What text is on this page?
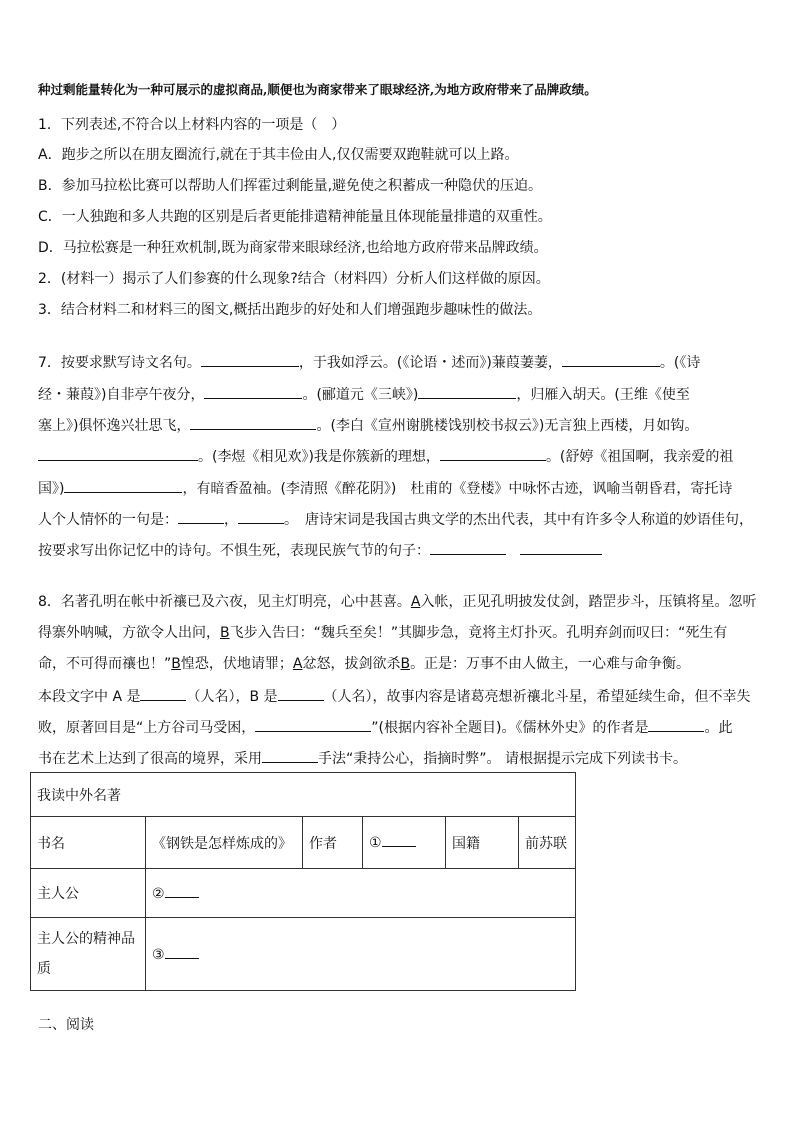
种过剩能量转化为一种可展示的虚拟商品,顺便也为商家带来了眼球经济,为地方政府带来了品牌政绩。
1．下列表述,不符合以上材料内容的一项是（　）
A．跑步之所以在朋友圈流行,就在于其丰俭由人,仅仅需要双跑鞋就可以上路。
B．参加马拉松比赛可以帮助人们挥霍过剩能量,避免使之积蓄成一种隐伏的压迫。
C．一人独跑和多人共跑的区别是后者更能排遣精神能量且体现能量排遣的双重性。
D．马拉松赛是一种狂欢机制,既为商家带来眼球经济,也给地方政府带来品牌政绩。
2．(材料一）揭示了人们参赛的什么现象?结合（材料四）分析人们这样做的原因。
3．结合材料二和材料三的图文,概括出跑步的好处和人们增强跑步趣味性的做法。
7．按要求默写诗文名句。	，于我如浮云。(《论语・述而》)蒹葭萋萋，	。(《诗
经・蒹葭》)自非亭午夜分，	。(郦道元《三峡》)	，归雁入胡天。(王维《使至
塞上》)俱怀逸兴壮思飞，	。(李白《宣州谢朓楼饯别校书叔云》)无言独上西楼，月如钩。
。(李煜《相见欢》)我是你簇新的理想，	。(舒婷《祖国啊，我亲爱的祖
国》)	，有暗香盈袖。(李清照《醉花阴》)　杜甫的《登楼》中咏怀古迹，讽喻当朝昏君，寄托诗
人个人情怀的一句是：	，	。　唐诗宋词是我国古典文学的杰出代表，其中有许多令人称道的妙语佳句，
按要求写出你记忆中的诗句。不惧生死，表现民族气节的句子：
8．名著孔明在帐中祈禳已及六夜，见主灯明亮，心中甚喜。A入帐，正见孔明披发仗剑，踏罡步斗，压镇将星。忽听
得寨外呐喊，方欲令人出问，B飞步入告曰：“魏兵至矣！”其脚步急，竟将主灯扑灭。孔明弃剑而叹曰：“死生有
命，不可得而禳也！”B惶恐，伏地请罪；A忿怒，拔剑欲杀B。正是：万事不由人做主，一心难与命争衡。
本段文字中 A 是	（人名），B 是	（人名），故事内容是诸葛亮想祈禳北斗星，希望延续生命，但不幸失
败，原著回目是“上方谷司马受困，	”(根据内容补全题目)。《儒林外史》的作者是	。此
书在艺术上达到了很高的境界，采用	手法“秉持公心，指摘时弊”。 请根据提示完成下列读书卡。
我读中外名著					
书名	《钢铁是怎样炼成的》	作者	①	国籍	前苏联
主人公	②				
主人公的精神品质	③				
二、阅读
